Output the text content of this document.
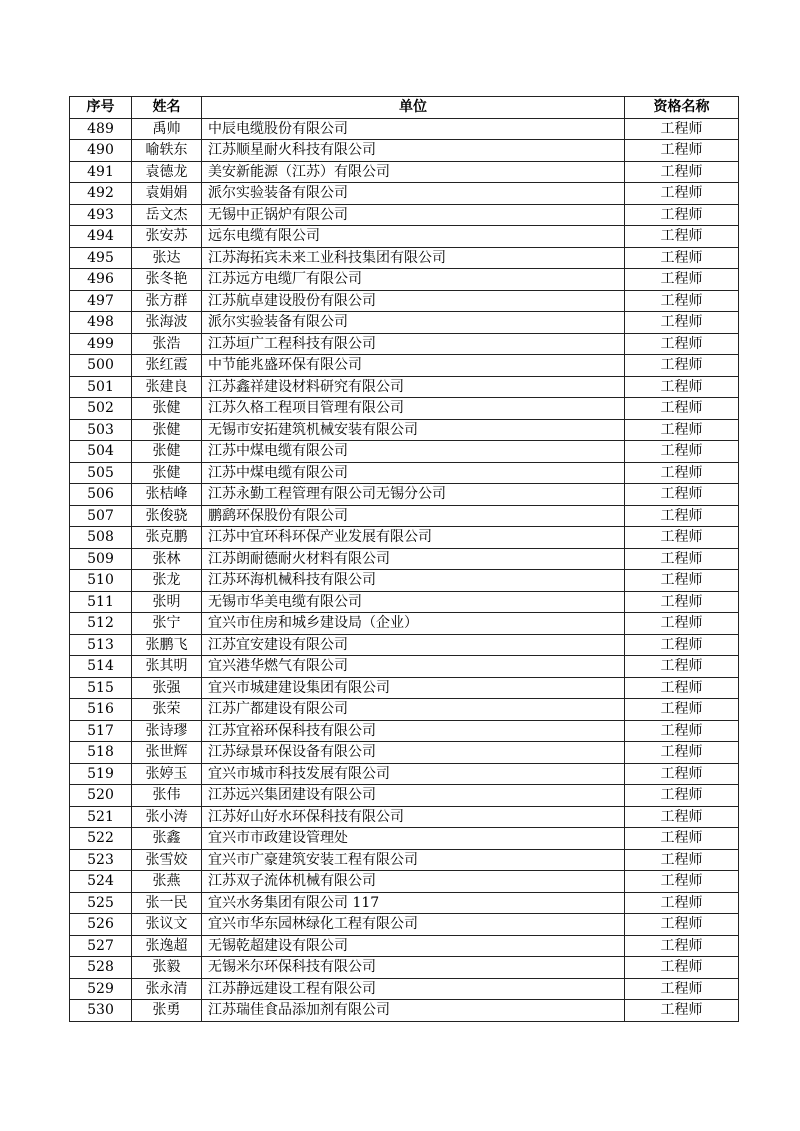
序号	姓名	单位	资格名称
489	禹帅	中辰电缆股份有限公司	工程师
490	喻轶东	江苏顺星耐火科技有限公司	工程师
491	袁德龙	美安新能源（江苏）有限公司	工程师
492	袁娟娟	派尔实验装备有限公司	工程师
493	岳文杰	无锡中正锅炉有限公司	工程师
494	张安苏	远东电缆有限公司	工程师
495	张达	江苏海拓宾未来工业科技集团有限公司	工程师
496	张冬艳	江苏远方电缆厂有限公司	工程师
497	张方群	江苏航卓建设股份有限公司	工程师
498	张海波	派尔实验装备有限公司	工程师
499	张浩	江苏垣广工程科技有限公司	工程师
500	张红霞	中节能兆盛环保有限公司	工程师
501	张建良	江苏鑫祥建设材料研究有限公司	工程师
502	张健	江苏久格工程项目管理有限公司	工程师
503	张健	无锡市安拓建筑机械安装有限公司	工程师
504	张健	江苏中煤电缆有限公司	工程师
505	张健	江苏中煤电缆有限公司	工程师
506	张桔峰	江苏永勤工程管理有限公司无锡分公司	工程师
507	张俊骁	鹏鹞环保股份有限公司	工程师
508	张克鹏	江苏中宜环科环保产业发展有限公司	工程师
509	张林	江苏朗耐德耐火材料有限公司	工程师
510	张龙	江苏环海机械科技有限公司	工程师
511	张明	无锡市华美电缆有限公司	工程师
512	张宁	宜兴市住房和城乡建设局（企业）	工程师
513	张鹏飞	江苏宜安建设有限公司	工程师
514	张其明	宜兴港华燃气有限公司	工程师
515	张强	宜兴市城建建设集团有限公司	工程师
516	张荣	江苏广都建设有限公司	工程师
517	张诗璆	江苏宜裕环保科技有限公司	工程师
518	张世辉	江苏绿景环保设备有限公司	工程师
519	张婷玉	宜兴市城市科技发展有限公司	工程师
520	张伟	江苏远兴集团建设有限公司	工程师
521	张小涛	江苏好山好水环保科技有限公司	工程师
522	张鑫	宜兴市市政建设管理处	工程师
523	张雪姣	宜兴市广豪建筑安装工程有限公司	工程师
524	张燕	江苏双子流体机械有限公司	工程师
525	张一民	宜兴水务集团有限公司 117	工程师
526	张议文	宜兴市华东园林绿化工程有限公司	工程师
527	张逸超	无锡乾超建设有限公司	工程师
528	张毅	无锡米尔环保科技有限公司	工程师
529	张永清	江苏静远建设工程有限公司	工程师
530	张勇	江苏瑞佳食品添加剂有限公司	工程师
